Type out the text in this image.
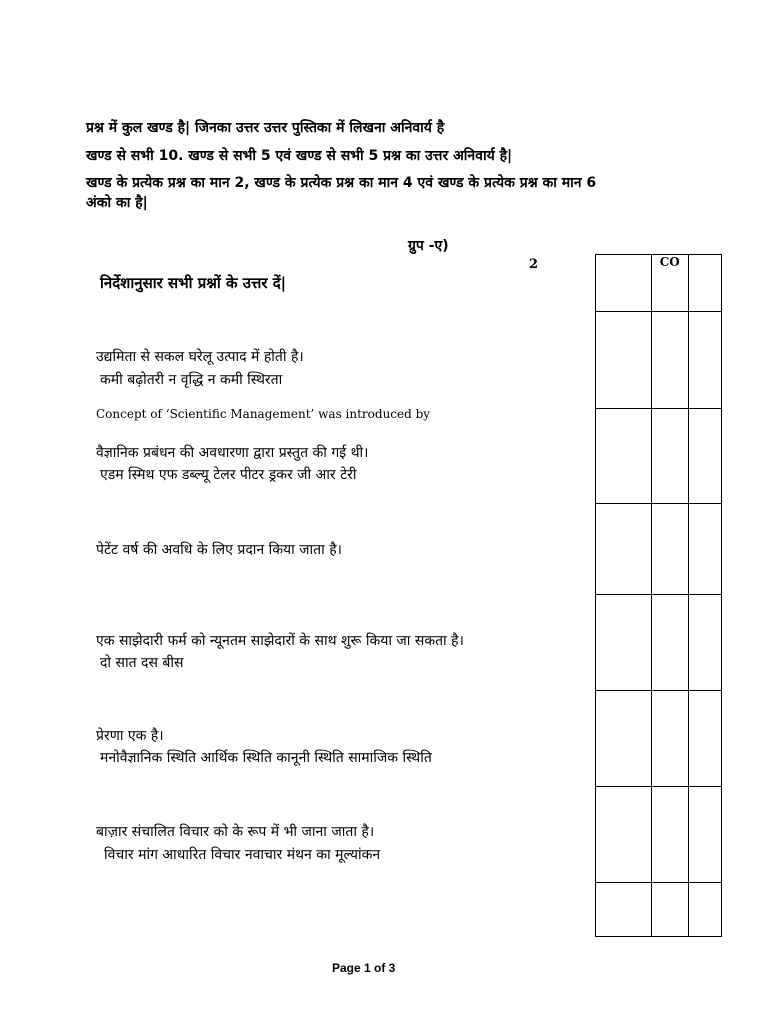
प्रश्न में कुल खण्ड है| जिनका उत्तर उत्तर पुस्तिका में लिखना अनिवार्य है
खण्ड से सभी 10. खण्ड से सभी 5 एवं खण्ड से सभी 5 प्रश्न का उत्तर अनिवार्य है|
खण्ड के प्रत्येक प्रश्न का मान 2, खण्ड के प्रत्येक प्रश्न का मान 4 एवं खण्ड के प्रत्येक प्रश्न का मान 6
अंको का है|
ग्रुप -ए)
2
निर्देशानुसार सभी प्रश्नों के उत्तर दें|
उद्यमिता से सकल घरेलू उत्पाद में होती है।
कमी बढ़ोतरी न वृद्धि न कमी स्थिरता
Concept of ‘Scientific Management’ was introduced by
वैज्ञानिक प्रबंधन की अवधारणा द्वारा प्रस्तुत की गई थी।
एडम स्मिथ एफ डब्ल्यू टेलर पीटर ड्रकर जी आर टेरी
पेटेंट वर्ष की अवधि के लिए प्रदान किया जाता है।
एक साझेदारी फर्म को न्यूनतम साझेदारों के साथ शुरू किया जा सकता है।
दो सात दस बीस
प्रेरणा एक है।
मनोवैज्ञानिक स्थिति आर्थिक स्थिति कानूनी स्थिति सामाजिक स्थिति
बाज़ार संचालित विचार को के रूप में भी जाना जाता है।
विचार मांग आधारित विचार नवाचार मंथन का मूल्यांकन
	CO	

Page 1 of 3
